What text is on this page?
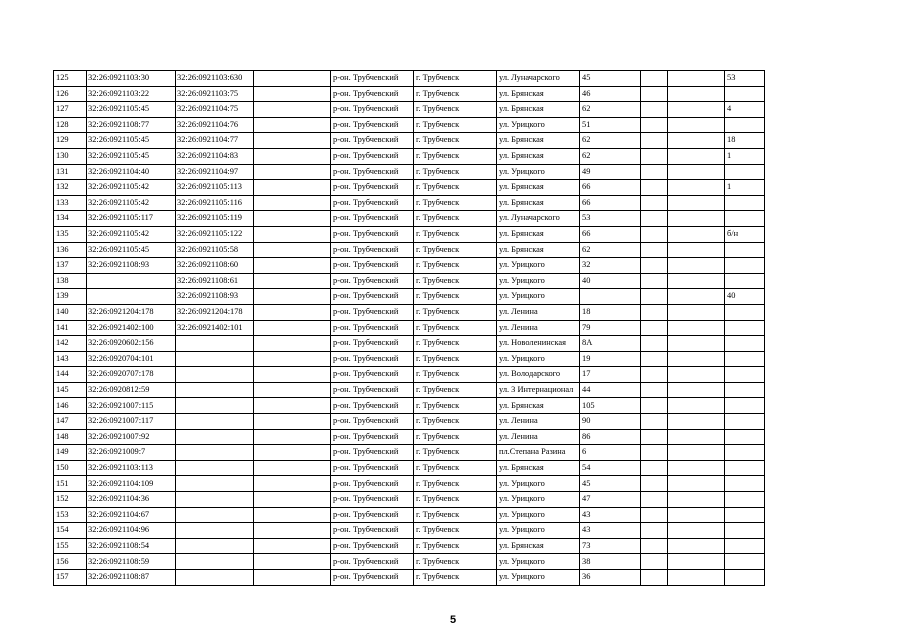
125	32:26:0921103:30	32:26:0921103:630		р-он. Трубчевский	г. Трубчевск	ул. Луначарского	45			53
126	32:26:0921103:22	32:26:0921103:75		р-он. Трубчевский	г. Трубчевск	ул. Брянская	46			
127	32:26:0921105:45	32:26:0921104:75		р-он. Трубчевский	г. Трубчевск	ул. Брянская	62			4
128	32:26:0921108:77	32:26:0921104:76		р-он. Трубчевский	г. Трубчевск	ул. Урицкого	51			
129	32:26:0921105:45	32:26:0921104:77		р-он. Трубчевский	г. Трубчевск	ул. Брянская	62			18
130	32:26:0921105:45	32:26:0921104:83		р-он. Трубчевский	г. Трубчевск	ул. Брянская	62			1
131	32:26:0921104:40	32:26:0921104:97		р-он. Трубчевский	г. Трубчевск	ул. Урицкого	49			
132	32:26:0921105:42	32:26:0921105:113		р-он. Трубчевский	г. Трубчевск	ул. Брянская	66			1
133	32:26:0921105:42	32:26:0921105:116		р-он. Трубчевский	г. Трубчевск	ул. Брянская	66			
134	32:26:0921105:117	32:26:0921105:119		р-он. Трубчевский	г. Трубчевск	ул. Луначарского	53			
135	32:26:0921105:42	32:26:0921105:122		р-он. Трубчевский	г. Трубчевск	ул. Брянская	66			б/н
136	32:26:0921105:45	32:26:0921105:58		р-он. Трубчевский	г. Трубчевск	ул. Брянская	62			
137	32:26:0921108:93	32:26:0921108:60		р-он. Трубчевский	г. Трубчевск	ул. Урицкого	32			
138		32:26:0921108:61		р-он. Трубчевский	г. Трубчевск	ул. Урицкого	40			
139		32:26:0921108:93		р-он. Трубчевский	г. Трубчевск	ул. Урицкого				40
140	32:26:0921204:178	32:26:0921204:178		р-он. Трубчевский	г. Трубчевск	ул. Ленина	18			
141	32:26:0921402:100	32:26:0921402:101		р-он. Трубчевский	г. Трубчевск	ул. Ленина	79			
142	32:26:0920602:156			р-он. Трубчевский	г. Трубчевск	ул. Новоленинская	8А			
143	32:26:0920704:101			р-он. Трубчевский	г. Трубчевск	ул. Урицкого	19			
144	32:26:0920707:178			р-он. Трубчевский	г. Трубчевск	ул. Володарского	17			
145	32:26:0920812:59			р-он. Трубчевский	г. Трубчевск	ул. 3 Интернационал	44			
146	32:26:0921007:115			р-он. Трубчевский	г. Трубчевск	ул. Брянская	105			
147	32:26:0921007:117			р-он. Трубчевский	г. Трубчевск	ул. Ленина	90			
148	32:26:0921007:92			р-он. Трубчевский	г. Трубчевск	ул. Ленина	86			
149	32:26:0921009:7			р-он. Трубчевский	г. Трубчевск	пл.Степана Разина	6			
150	32:26:0921103:113			р-он. Трубчевский	г. Трубчевск	ул. Брянская	54			
151	32:26:0921104:109			р-он. Трубчевский	г. Трубчевск	ул. Урицкого	45			
152	32:26:0921104:36			р-он. Трубчевский	г. Трубчевск	ул. Урицкого	47			
153	32:26:0921104:67			р-он. Трубчевский	г. Трубчевск	ул. Урицкого	43			
154	32:26:0921104:96			р-он. Трубчевский	г. Трубчевск	ул. Урицкого	43			
155	32:26:0921108:54			р-он. Трубчевский	г. Трубчевск	ул. Брянская	73			
156	32:26:0921108:59			р-он. Трубчевский	г. Трубчевск	ул. Урицкого	38			
157	32:26:0921108:87			р-он. Трубчевский	г. Трубчевск	ул. Урицкого	36			
5
